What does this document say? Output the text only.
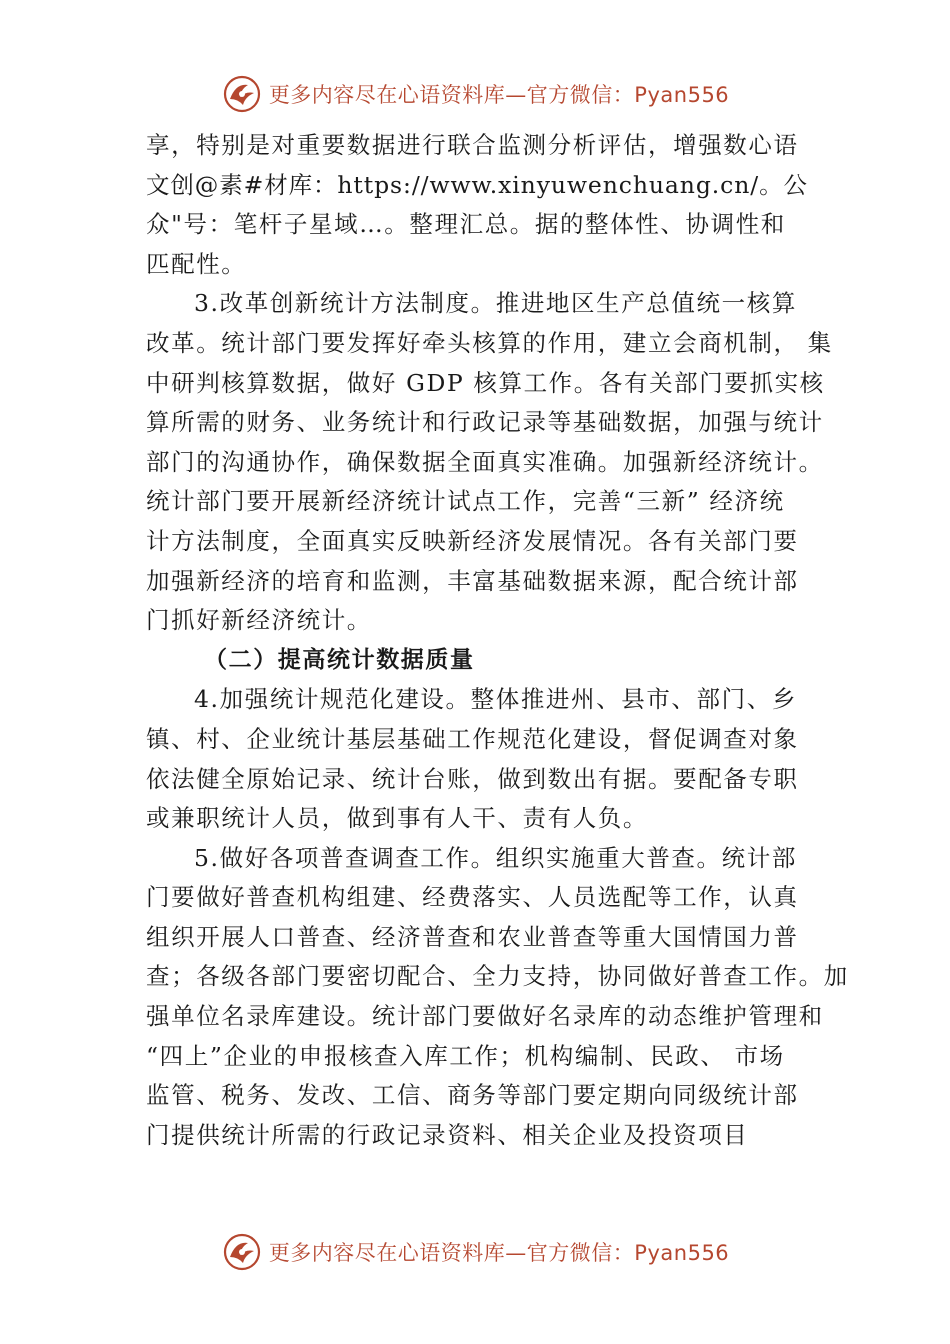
更多内容尽在心语资料库—官方微信：Pyan556
享，特别是对重要数据进行联合监测分析评估，增强数心语
文创@素#材库：https://www.xinyuwenchuang.cn/。公
众"号：笔杆子星域…。整理汇总。据的整体性、协调性和
匹配性。
3.改革创新统计方法制度。推进地区生产总值统一核算
改革。统计部门要发挥好牵头核算的作用，建立会商机制， 集
中研判核算数据，做好 GDP 核算工作。各有关部门要抓实核
算所需的财务、业务统计和行政记录等基础数据，加强与统计
部门的沟通协作，确保数据全面真实准确。加强新经济统计。
统计部门要开展新经济统计试点工作，完善“三新” 经济统
计方法制度，全面真实反映新经济发展情况。各有关部门要
加强新经济的培育和监测，丰富基础数据来源，配合统计部
门抓好新经济统计。
（二）提高统计数据质量
4.加强统计规范化建设。整体推进州、县市、部门、乡
镇、村、企业统计基层基础工作规范化建设，督促调查对象
依法健全原始记录、统计台账，做到数出有据。要配备专职
或兼职统计人员，做到事有人干、责有人负。
5.做好各项普查调查工作。组织实施重大普查。统计部
门要做好普查机构组建、经费落实、人员选配等工作，认真
组织开展人口普查、经济普查和农业普查等重大国情国力普
查；各级各部门要密切配合、全力支持，协同做好普查工作。加
强单位名录库建设。统计部门要做好名录库的动态维护管理和
“四上”企业的申报核查入库工作；机构编制、民政、 市场
监管、税务、发改、工信、商务等部门要定期向同级统计部
门提供统计所需的行政记录资料、相关企业及投资项目
更多内容尽在心语资料库—官方微信：Pyan556
